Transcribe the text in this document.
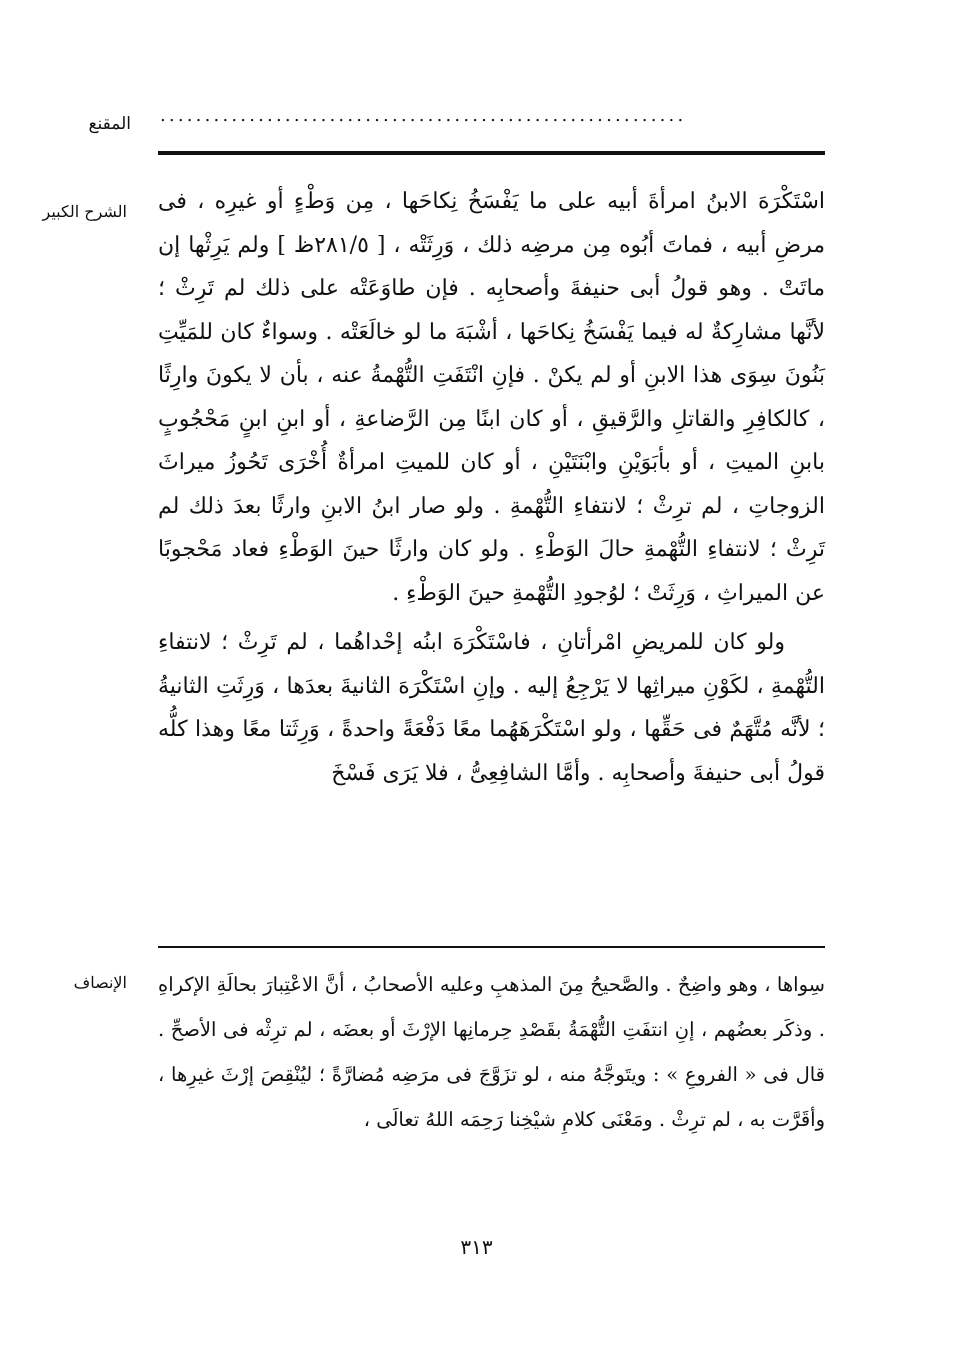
المقنع ...........................................................
الشرح الكبير اسْتَكْرَهَ الابنُ امرأةَ أبيه على ما يَفْسَخُ نِكاحَها ، مِن وَطْءٍ أو غيرِه ، فى مرضِ أبيه ، فماتَ أبُوه مِن مرضِه ذلك ، وَرِثَتْه ، [ ٢٨١/٥ظ ] ولم يَرِثْها إن ماتَتْ . وهو قولُ أبى حنيفةَ وأصحابِه . فإن طاوَعَتْه على ذلك لم تَرِثْ ؛ لأنَّها مشارِكةٌ له فيما يَفْسَخُ نِكاحَها ، أشْبَهَ ما لو خالَعَتْه . وسواءٌ كان للمَيِّتِ بَنُونَ سِوَى هذا الابنِ أو لم يكنْ . فإنِ انْتَفَتِ التُّهْمةُ عنه ، بأن لا يكونَ وارِثًا ، كالكافِرِ والقاتلِ والرَّقيقِ ، أو كان ابنًا مِن الرَّضاعةِ ، أو ابنِ ابنٍ مَحْجُوبٍ بابنِ الميتِ ، أو بأبَوَيْنِ وابْنَتَيْنِ ، أو كان للميتِ امرأةٌ أُخْرَى تَحُوزُ ميراثَ الزوجاتِ ، لم ترِثْ ؛ لانتفاءِ التُّهْمةِ . ولو صار ابنُ الابنِ وارثًا بعدَ ذلك لم تَرِثْ ؛ لانتفاءِ التُّهْمةِ حالَ الوَطْءِ . ولو كان وارثًا حينَ الوَطْءِ فعاد مَحْجوبًا عن الميراثِ ، وَرِثَتْ ؛ لوُجودِ التُّهْمةِ حينَ الوَطْءِ .

ولو كان للمريضِ امْرأتانِ ، فاسْتَكْرَهَ ابنُه إحْداهُما ، لم تَرِثْ ؛ لانتفاءِ التُّهْمةِ ، لكَوْنِ ميراثِها لا يَرْجِعُ إليه . وإنِ اسْتَكْرَهَ الثانيةَ بعدَها ، وَرِثَتِ الثانيةُ ؛ لأنَّه مُتَّهَمٌ فى حَقِّها ، ولو اسْتَكْرَهَهُما معًا دَفْعَةً واحدةً ، وَرِثَتا معًا وهذا كلُّه قولُ أبى حنيفةَ وأصحابِه . وأمَّا الشافِعِىُّ ، فلا يَرَى فَسْخَ

الإنصاف سِواها ، وهو واضِحٌ . والصَّحيحُ مِنَ المذهبِ وعليه الأصحابُ ، أنَّ الاعْتِبارَ بحالَةِ الإكراهِ . وذكَر بعضُهم ، إنِ انتفَتِ التُّهْمَةُ بقَصْدِ حِرمانِها الإرْثَ أو بعضَه ، لم ترِثْه فى الأصحِّ . قال فى « الفروعِ » : ويتَوجَّهُ منه ، لو تزَوَّجَ فى مرَضِه مُضارَّةً ؛ ليُنْقِصَ إرْثَ غيرِها ، وأقَرَّت به ، لم ترِثْ . ومَعْنَى كلامِ شيْخِنا رَحِمَه اللهُ تعالَى ،

٣١٣
